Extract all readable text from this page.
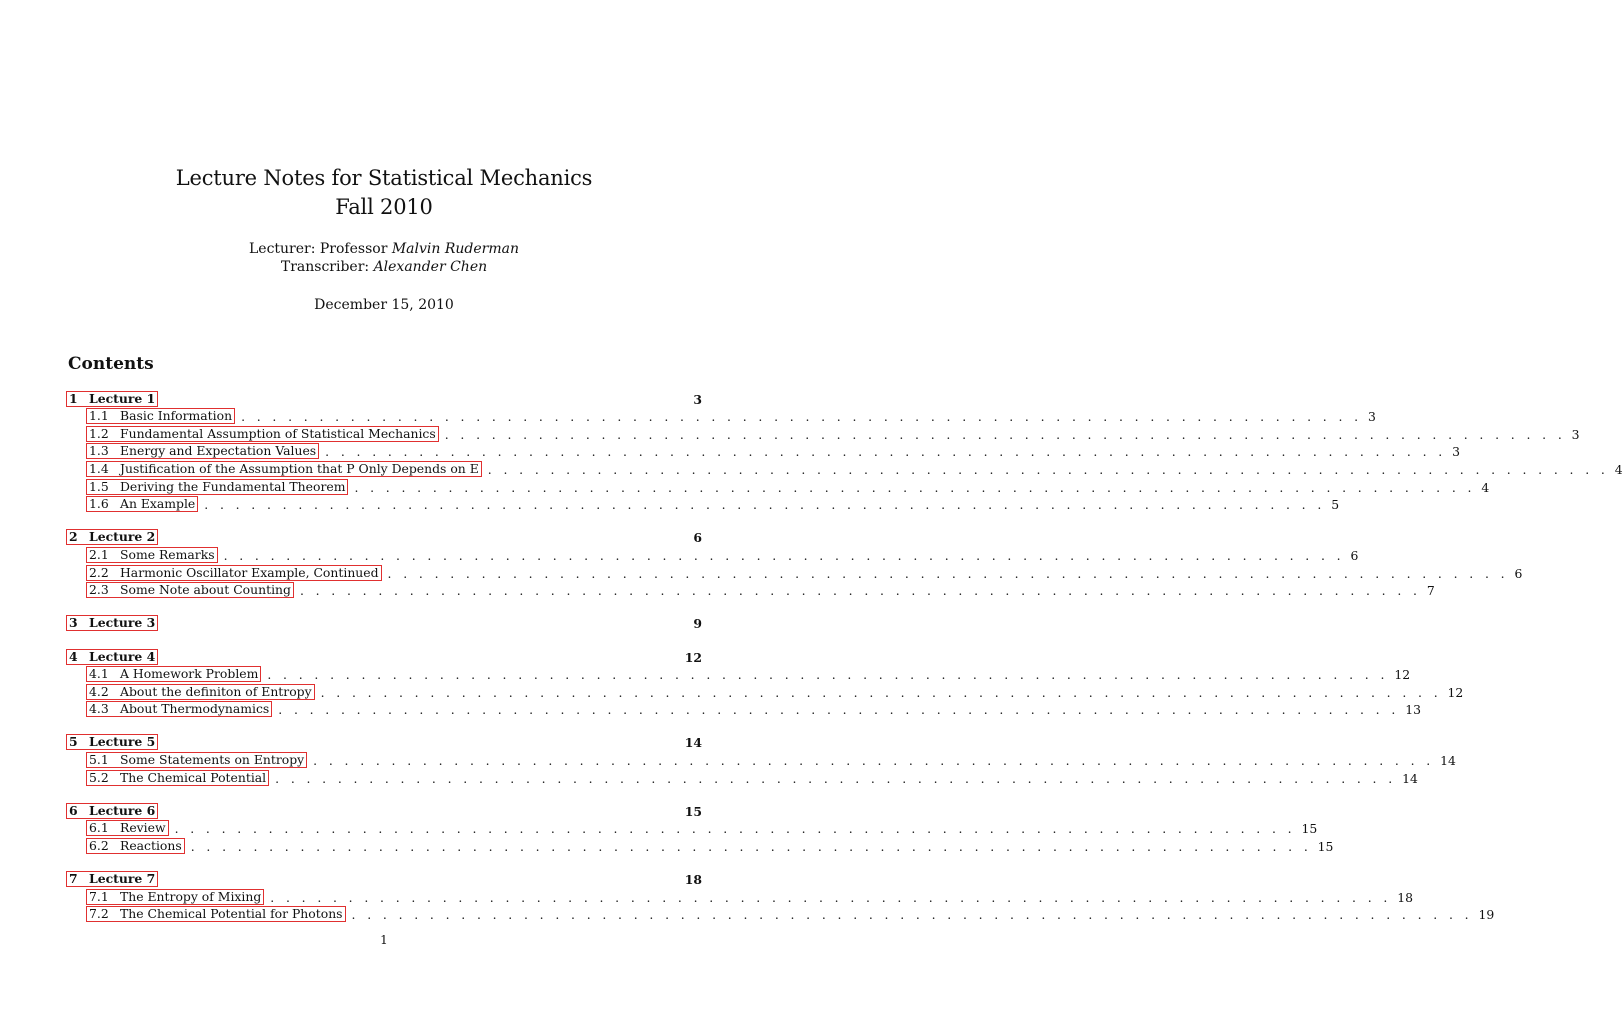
Lecture Notes for Statistical Mechanics
Fall 2010
Lecturer: Professor Malvin Ruderman
Transcriber: Alexander Chen
December 15, 2010
Contents
1 Lecture 1	3
1.1 Basic Information . . . . . . . . . . . . . . . . . . . . . . . . . . . . . . . . . . . . . . . . . . . . . . . . . . . . . . . . . . . . . . . . . . . . . . . . 3
1.2 Fundamental Assumption of Statistical Mechanics . . . . . . . . . . . . . . . . . . . . . . . . . . . . . . . . . . . . . . . . . . . . . . . . . . . . . . . . . . . . . . . . . . . . . . . . 3
1.3 Energy and Expectation Values . . . . . . . . . . . . . . . . . . . . . . . . . . . . . . . . . . . . . . . . . . . . . . . . . . . . . . . . . . . . . . . . . . . . . . . . 3
1.4 Justification of the Assumption that P Only Depends on E . . . . . . . . . . . . . . . . . . . . . . . . . . . . . . . . . . . . . . . . . . . . . . . . . . . . . . . . . . . . . . . . . . . . . . . . 4
1.5 Deriving the Fundamental Theorem . . . . . . . . . . . . . . . . . . . . . . . . . . . . . . . . . . . . . . . . . . . . . . . . . . . . . . . . . . . . . . . . . . . . . . . . 4
1.6 An Example . . . . . . . . . . . . . . . . . . . . . . . . . . . . . . . . . . . . . . . . . . . . . . . . . . . . . . . . . . . . . . . . . . . . . . . . 5
2 Lecture 2	6
2.1 Some Remarks . . . . . . . . . . . . . . . . . . . . . . . . . . . . . . . . . . . . . . . . . . . . . . . . . . . . . . . . . . . . . . . . . . . . . . . . 6
2.2 Harmonic Oscillator Example, Continued . . . . . . . . . . . . . . . . . . . . . . . . . . . . . . . . . . . . . . . . . . . . . . . . . . . . . . . . . . . . . . . . . . . . . . . . 6
2.3 Some Note about Counting . . . . . . . . . . . . . . . . . . . . . . . . . . . . . . . . . . . . . . . . . . . . . . . . . . . . . . . . . . . . . . . . . . . . . . . . 7
3 Lecture 3	9
4 Lecture 4	12
4.1 A Homework Problem . . . . . . . . . . . . . . . . . . . . . . . . . . . . . . . . . . . . . . . . . . . . . . . . . . . . . . . . . . . . . . . . . . . . . . . . 12
4.2 About the definiton of Entropy . . . . . . . . . . . . . . . . . . . . . . . . . . . . . . . . . . . . . . . . . . . . . . . . . . . . . . . . . . . . . . . . . . . . . . . . 12
4.3 About Thermodynamics . . . . . . . . . . . . . . . . . . . . . . . . . . . . . . . . . . . . . . . . . . . . . . . . . . . . . . . . . . . . . . . . . . . . . . . . 13
5 Lecture 5	14
5.1 Some Statements on Entropy . . . . . . . . . . . . . . . . . . . . . . . . . . . . . . . . . . . . . . . . . . . . . . . . . . . . . . . . . . . . . . . . . . . . . . . . 14
5.2 The Chemical Potential . . . . . . . . . . . . . . . . . . . . . . . . . . . . . . . . . . . . . . . . . . . . . . . . . . . . . . . . . . . . . . . . . . . . . . . . 14
6 Lecture 6	15
6.1 Review . . . . . . . . . . . . . . . . . . . . . . . . . . . . . . . . . . . . . . . . . . . . . . . . . . . . . . . . . . . . . . . . . . . . . . . . 15
6.2 Reactions . . . . . . . . . . . . . . . . . . . . . . . . . . . . . . . . . . . . . . . . . . . . . . . . . . . . . . . . . . . . . . . . . . . . . . . . 15
7 Lecture 7	18
7.1 The Entropy of Mixing . . . . . . . . . . . . . . . . . . . . . . . . . . . . . . . . . . . . . . . . . . . . . . . . . . . . . . . . . . . . . . . . . . . . . . . . 18
7.2 The Chemical Potential for Photons . . . . . . . . . . . . . . . . . . . . . . . . . . . . . . . . . . . . . . . . . . . . . . . . . . . . . . . . . . . . . . . . . . . . . . . . 19
1
